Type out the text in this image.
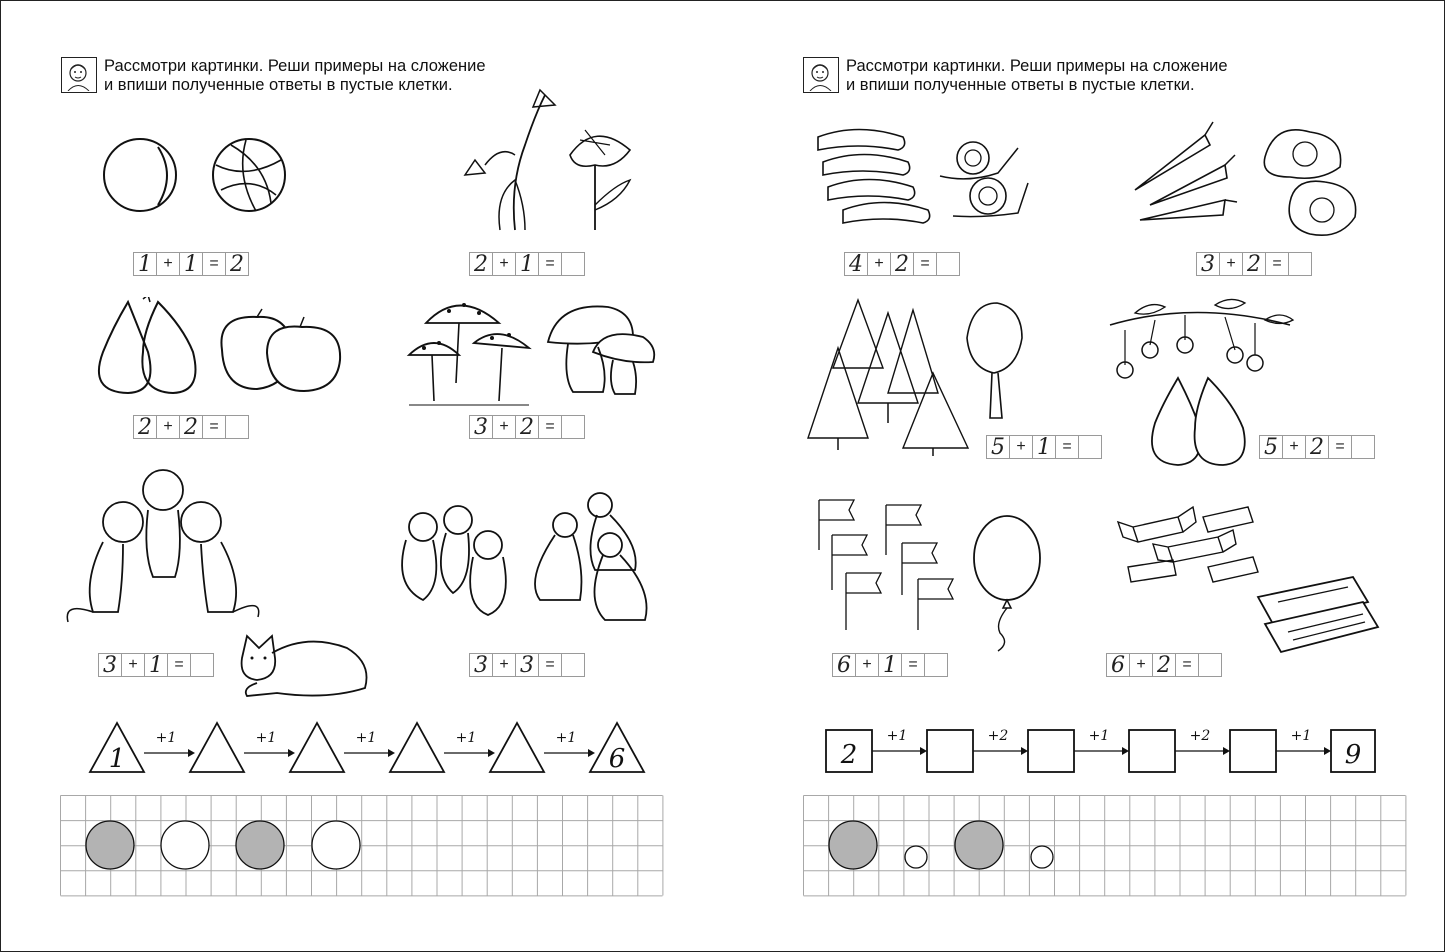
Рассмотри картинки. Реши примеры на сложение
и впиши полученные ответы в пустые клетки.
1 + 1 = 2	2 + 1 =
2 + 2 =	3 + 2 =
3 + 1 =	3 + 3 =
1
+1	+1	+1	+1	+1
6
Рассмотри картинки. Реши примеры на сложение
и впиши полученные ответы в пустые клетки.
4 + 2 =	3 + 2 =
5 + 1 =	5 + 2 =
6 + 1 =	6 + 2 =
2
+1	+2	+1	+2	+1
9
